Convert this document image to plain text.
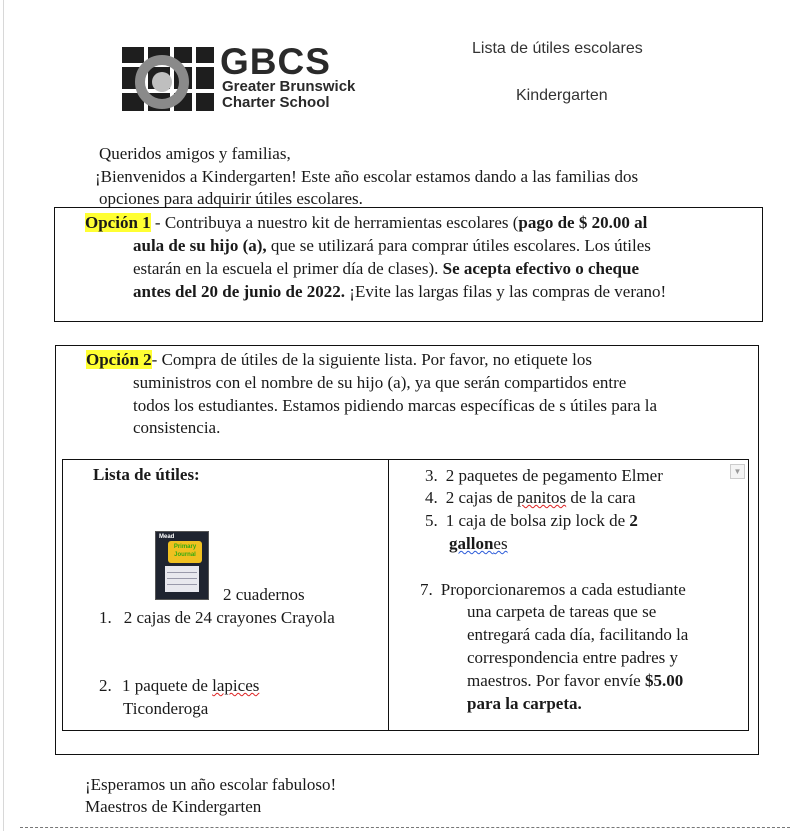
GBCS
Greater Brunswick
Charter School
Lista de útiles escolares
Kindergarten
Queridos amigos y familias,
¡Bienvenidos a Kindergarten! Este año escolar estamos dando a las familias dos
opciones para adquirir útiles escolares.
Opción 1 - Contribuya a nuestro kit de herramientas escolares (pago de $ 20.00 al
aula de su hijo (a), que se utilizará para comprar útiles escolares. Los útiles
estarán en la escuela el primer día de clases). Se acepta efectivo o cheque
antes del 20 de junio de 2022. ¡Evite las largas filas y las compras de verano!
Opción 2- Compra de útiles de la siguiente lista. Por favor, no etiquete los
suministros con el nombre de su hijo (a), ya que serán compartidos entre
todos los estudiantes. Estamos pidiendo marcas específicas de s útiles para la
consistencia.
▼
Lista de útiles:
Mead
Primary
Journal
2 cuadernos
1. 2 cajas de 24 crayones Crayola
2. 1 paquete de lapices
Ticonderoga
3. 2 paquetes de pegamento Elmer
4. 2 cajas de panitos de la cara
5. 1 caja de bolsa zip lock de 2
gallones
7. Proporcionaremos a cada estudiante
una carpeta de tareas que se
entregará cada día, facilitando la
correspondencia entre padres y
maestros. Por favor envíe $5.00
para la carpeta.
¡Esperamos un año escolar fabuloso!
Maestros de Kindergarten
